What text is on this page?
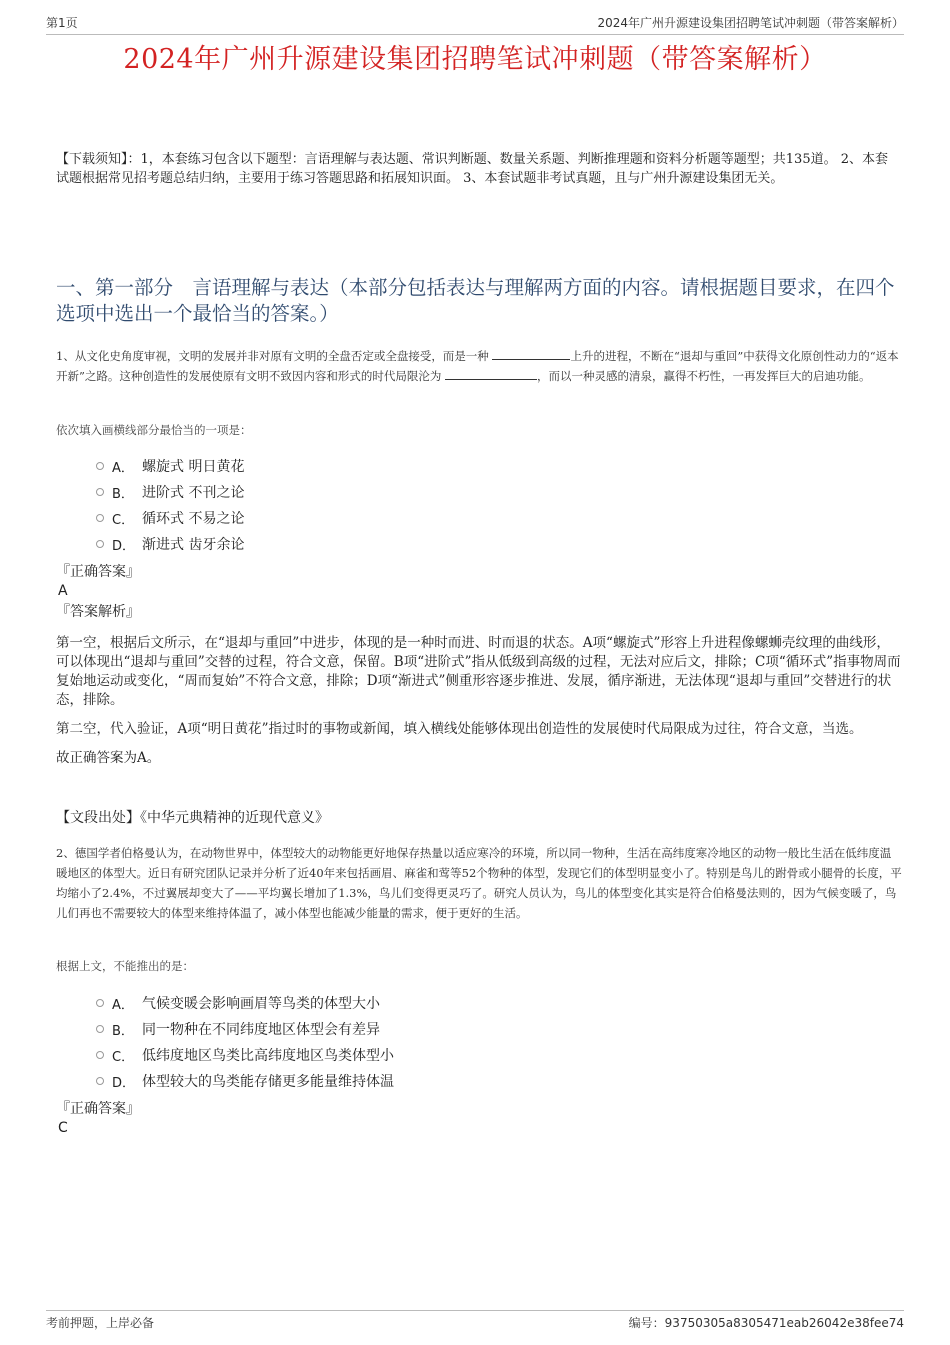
第1页	2024年广州升源建设集团招聘笔试冲刺题（带答案解析）
2024年广州升源建设集团招聘笔试冲刺题（带答案解析）
【下载须知】：1，本套练习包含以下题型：言语理解与表达题、常识判断题、数量关系题、判断推理题和资料分析题等题型；共135道。 2、本套试题根据常见招考题总结归纳，主要用于练习答题思路和拓展知识面。 3、本套试题非考试真题，且与广州升源建设集团无关。
一、第一部分　言语理解与表达（本部分包括表达与理解两方面的内容。请根据题目要求，在四个选项中选出一个最恰当的答案。）
1、从文化史角度审视，文明的发展并非对原有文明的全盘否定或全盘接受，而是一种	上升的进程，不断在“退却与重回”中获得文化原创性动力的“返本开新”之路。这种创造性的发展使原有文明不致因内容和形式的时代局限沦为	，而以一种灵感的清泉，赢得不朽性，一再发挥巨大的启迪功能。
依次填入画横线部分最恰当的一项是：
A． 螺旋式 明日黄花
B． 进阶式 不刊之论
C． 循环式 不易之论
D． 渐进式 齿牙余论
『正确答案』
A
『答案解析』

第一空，根据后文所示，在“退却与重回”中进步，体现的是一种时而进、时而退的状态。A项“螺旋式”形容上升进程像螺蛳壳纹理的曲线形，可以体现出“退却与重回”交替的过程，符合文意，保留。B项“进阶式”指从低级到高级的过程，无法对应后文，排除；C项“循环式”指事物周而复始地运动或变化，“周而复始”不符合文意，排除；D项“渐进式”侧重形容逐步推进、发展，循序渐进，无法体现“退却与重回”交替进行的状态，排除。

第二空，代入验证，A项“明日黄花”指过时的事物或新闻，填入横线处能够体现出创造性的发展使时代局限成为过往，符合文意，当选。

故正确答案为A。

【文段出处】《中华元典精神的近现代意义》
2、德国学者伯格曼认为，在动物世界中，体型较大的动物能更好地保存热量以适应寒冷的环境，所以同一物种，生活在高纬度寒冷地区的动物一般比生活在低纬度温暖地区的体型大。近日有研究团队记录并分析了近40年来包括画眉、麻雀和莺等52个物种的体型，发现它们的体型明显变小了。特别是鸟儿的跗骨或小腿骨的长度，平均缩小了2.4%，不过翼展却变大了——平均翼长增加了1.3%，鸟儿们变得更灵巧了。研究人员认为，鸟儿的体型变化其实是符合伯格曼法则的，因为气候变暖了，鸟儿们再也不需要较大的体型来维持体温了，减小体型也能减少能量的需求，便于更好的生活。
根据上文，不能推出的是：
A． 气候变暖会影响画眉等鸟类的体型大小
B． 同一物种在不同纬度地区体型会有差异
C． 低纬度地区鸟类比高纬度地区鸟类体型小
D． 体型较大的鸟类能存储更多能量维持体温
『正确答案』
C
考前押题，上岸必备	编号：93750305a8305471eab26042e38fee74
